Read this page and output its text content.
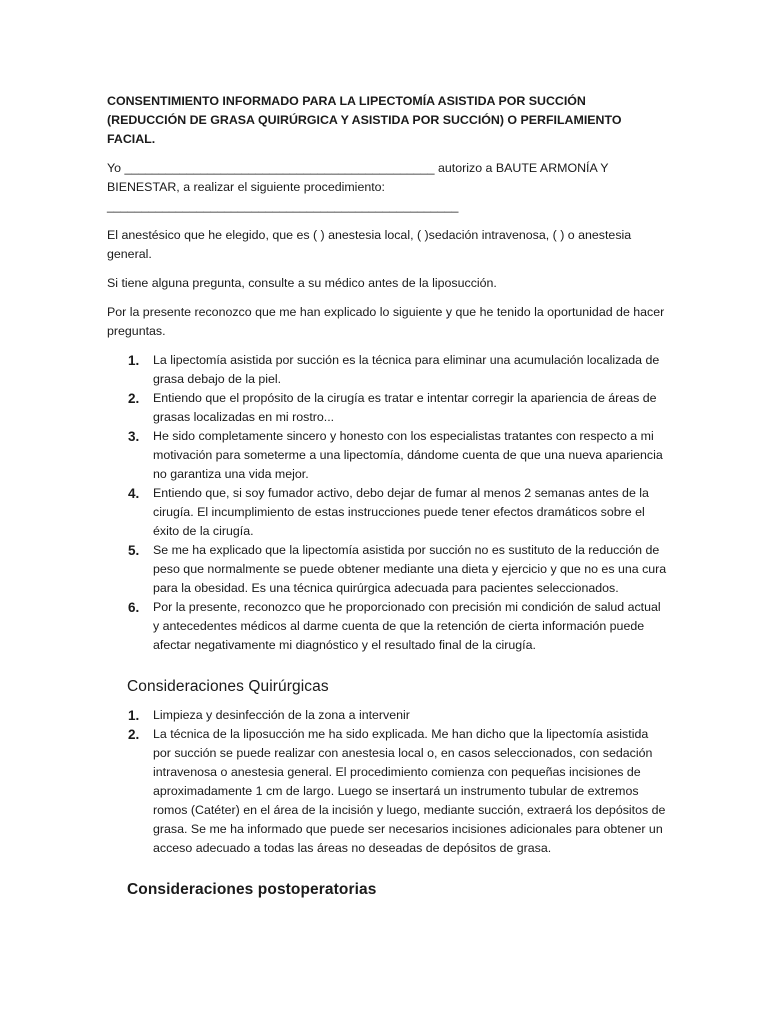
CONSENTIMIENTO INFORMADO PARA LA LIPECTOMÍA ASISTIDA POR SUCCIÓN (REDUCCIÓN DE GRASA QUIRÚRGICA Y ASISTIDA POR SUCCIÓN) O PERFILAMIENTO FACIAL.

Yo _____________________________________________ autorizo a BAUTE ARMONÍA Y BIENESTAR, a realizar el siguiente procedimiento: ___________________________________________________

El anestésico que he elegido, que es ( ) anestesia local, ( )sedación intravenosa, ( ) o anestesia general.

Si tiene alguna pregunta, consulte a su médico antes de la liposucción.

Por la presente reconozco que me han explicado lo siguiente y que he tenido la oportunidad de hacer preguntas.

1. La lipectomía asistida por succión es la técnica para eliminar una acumulación localizada de grasa debajo de la piel.
2. Entiendo que el propósito de la cirugía es tratar e intentar corregir la apariencia de áreas de grasas localizadas en mi rostro...
3. He sido completamente sincero y honesto con los especialistas tratantes con respecto a mi motivación para someterme a una lipectomía, dándome cuenta de que una nueva apariencia no garantiza una vida mejor.
4. Entiendo que, si soy fumador activo, debo dejar de fumar al menos 2 semanas antes de la cirugía. El incumplimiento de estas instrucciones puede tener efectos dramáticos sobre el éxito de la cirugía.
5. Se me ha explicado que la lipectomía asistida por succión no es sustituto de la reducción de peso que normalmente se puede obtener mediante una dieta y ejercicio y que no es una cura para la obesidad. Es una técnica quirúrgica adecuada para pacientes seleccionados.
6. Por la presente, reconozco que he proporcionado con precisión mi condición de salud actual y antecedentes médicos al darme cuenta de que la retención de cierta información puede afectar negativamente mi diagnóstico y el resultado final de la cirugía.
Consideraciones Quirúrgicas
1. Limpieza y desinfección de la zona a intervenir
2. La técnica de la liposucción me ha sido explicada. Me han dicho que la lipectomía asistida por succión se puede realizar con anestesia local o, en casos seleccionados, con sedación intravenosa o anestesia general. El procedimiento comienza con pequeñas incisiones de aproximadamente 1 cm de largo. Luego se insertará un instrumento tubular de extremos romos (Catéter) en el área de la incisión y luego, mediante succión, extraerá los depósitos de grasa. Se me ha informado que puede ser necesarios incisiones adicionales para obtener un acceso adecuado a todas las áreas no deseadas de depósitos de grasa.
Consideraciones postoperatorias
